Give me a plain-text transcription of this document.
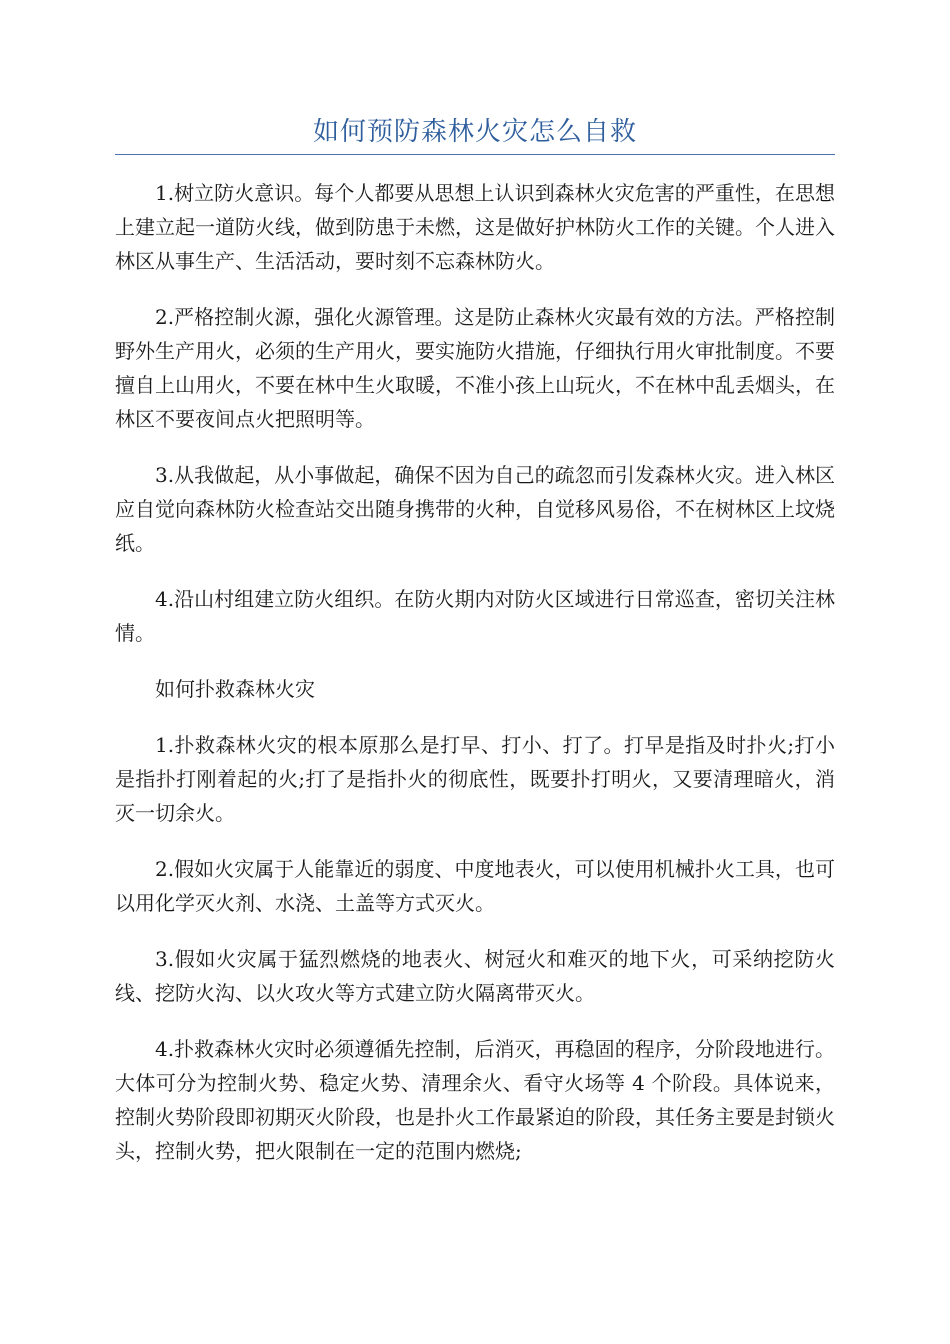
如何预防森林火灾怎么自救

1.树立防火意识。每个人都要从思想上认识到森林火灾危害的严重性，在思想上建立起一道防火线，做到防患于未燃，这是做好护林防火工作的关键。个人进入林区从事生产、生活活动，要时刻不忘森林防火。

2.严格控制火源，强化火源管理。这是防止森林火灾最有效的方法。严格控制野外生产用火，必须的生产用火，要实施防火措施，仔细执行用火审批制度。不要擅自上山用火，不要在林中生火取暖，不准小孩上山玩火，不在林中乱丢烟头，在林区不要夜间点火把照明等。

3.从我做起，从小事做起，确保不因为自己的疏忽而引发森林火灾。进入林区应自觉向森林防火检查站交出随身携带的火种，自觉移风易俗，不在树林区上坟烧纸。

4.沿山村组建立防火组织。在防火期内对防火区域进行日常巡查，密切关注林情。

如何扑救森林火灾

1.扑救森林火灾的根本原那么是打早、打小、打了。打早是指及时扑火;打小是指扑打刚着起的火;打了是指扑火的彻底性，既要扑打明火，又要清理暗火，消灭一切余火。

2.假如火灾属于人能靠近的弱度、中度地表火，可以使用机械扑火工具，也可以用化学灭火剂、水浇、土盖等方式灭火。

3.假如火灾属于猛烈燃烧的地表火、树冠火和难灭的地下火，可采纳挖防火线、挖防火沟、以火攻火等方式建立防火隔离带灭火。

4.扑救森林火灾时必须遵循先控制，后消灭，再稳固的程序，分阶段地进行。大体可分为控制火势、稳定火势、清理余火、看守火场等 4 个阶段。具体说来，控制火势阶段即初期灭火阶段，也是扑火工作最紧迫的阶段，其任务主要是封锁火头，控制火势，把火限制在一定的范围内燃烧;
